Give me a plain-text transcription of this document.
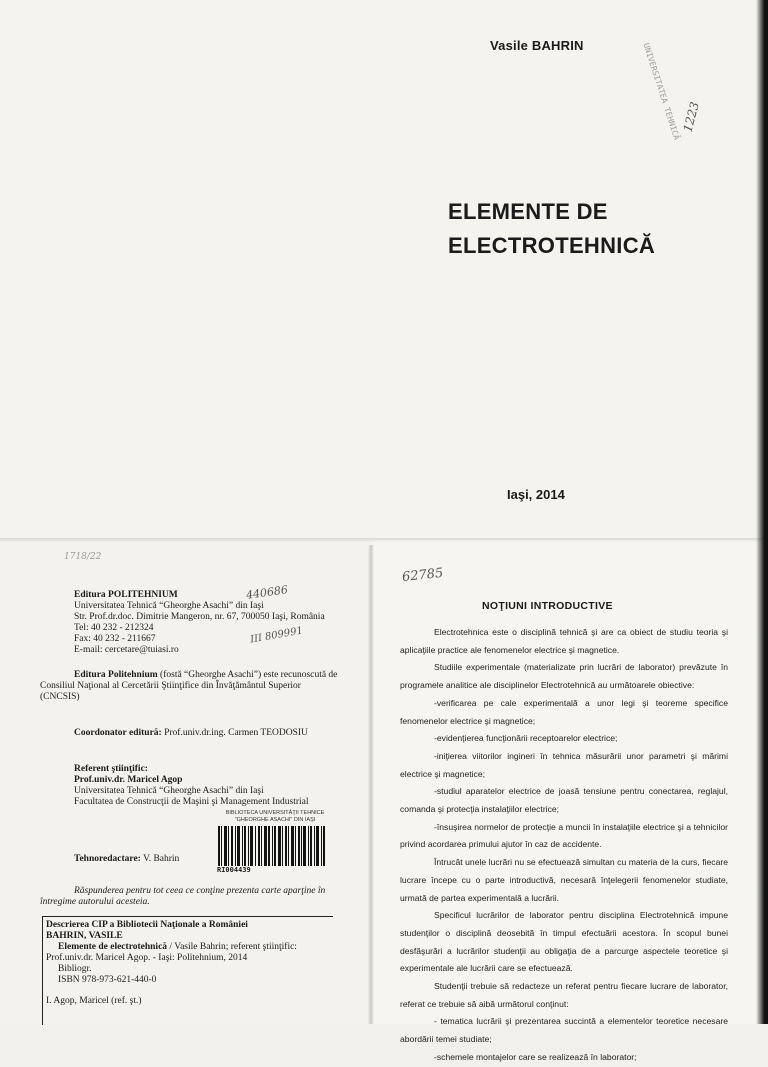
Vasile BAHRIN
ELEMENTE DE
ELECTROTEHNICĂ
Iaşi, 2014
UNIVERSITATEA TEHNICĂ 1223
1718/22
Editura POLITEHNIUM
Universitatea Tehnică “Gheorghe Asachi” din Iaşi
Str. Prof.dr.doc. Dimitrie Mangeron, nr. 67, 700050 Iaşi, România
Tel: 40 232 - 212324
Fax: 40 232 - 211667
E-mail: cercetare@tuiasi.ro
440686
III 809991
Editura Politehnium (fostă “Gheorghe Asachi”) este recunoscută de Consiliul Naţional al Cercetării Ştiinţifice din Învăţământul Superior (CNCSIS)
Coordonator editură: Prof.univ.dr.ing. Carmen TEODOSIU
Referent ştiinţific:
Prof.univ.dr. Maricel Agop
Universitatea Tehnică “Gheorghe Asachi” din Iaşi
Facultatea de Construcţii de Maşini şi Management Industrial
BIBLIOTECA UNIVERSITĂŢII TEHNICE
"GHEORGHE ASACHI" DIN IAŞI
RI004439
Tehnoredactare: V. Bahrin
Răspunderea pentru tot ceea ce conţine prezenta carte aparţine în întregime autorului acesteia.
Descrierea CIP a Bibliotecii Naţionale a României
BAHRIN, VASILE
Elemente de electrotehnică / Vasile Bahrin; referent ştiinţific: Prof.univ.dr. Maricel Agop. - Iaşi: Politehnium, 2014
Bibliogr.
ISBN 978-973-621-440-0
I. Agop, Maricel (ref. şt.)
62785
NOŢIUNI INTRODUCTIVE

Electrotehnica este o disciplină tehnică şi are ca obiect de studiu teoria şi aplicaţiile practice ale fenomenelor electrice şi magnetice.

Studiile experimentale (materializate prin lucrări de laborator) prevăzute în programele analitice ale disciplinelor Electrotehnică au următoarele obiective:

-verificarea pe cale experimentală a unor legi şi teoreme specifice fenomenelor electrice şi magnetice;

-evidenţierea funcţionării receptoarelor electrice;

-iniţierea viitorilor ingineri în tehnica măsurării unor parametri şi mărimi electrice şi magnetice;

-studiul aparatelor electrice de joasă tensiune pentru conectarea, reglajul, comanda şi protecţia instalaţiilor electrice;

-însuşirea normelor de protecţie a muncii în instalaţiile electrice şi a tehnicilor privind acordarea primului ajutor în caz de accidente.

Întrucât unele lucrări nu se efectuează simultan cu materia de la curs, fiecare lucrare începe cu o parte introductivă, necesară înţelegerii fenomenelor studiate, urmată de partea experimentală a lucrării.

Specificul lucrărilor de laborator pentru disciplina Electrotehnică impune studenţilor o disciplină deosebită în timpul efectuării acestora. În scopul bunei desfăşurări a lucrărilor studenţii au obligaţia de a parcurge aspectele teoretice şi experimentale ale lucrării care se efectuează.

Studenţii trebuie să redacteze un referat pentru fiecare lucrare de laborator, referat ce trebuie să aibă următorul conţinut:

- tematica lucrării şi prezentarea succintă a elementelor teoretice necesare abordării temei studiate;

-schemele montajelor care se realizează în laborator;
